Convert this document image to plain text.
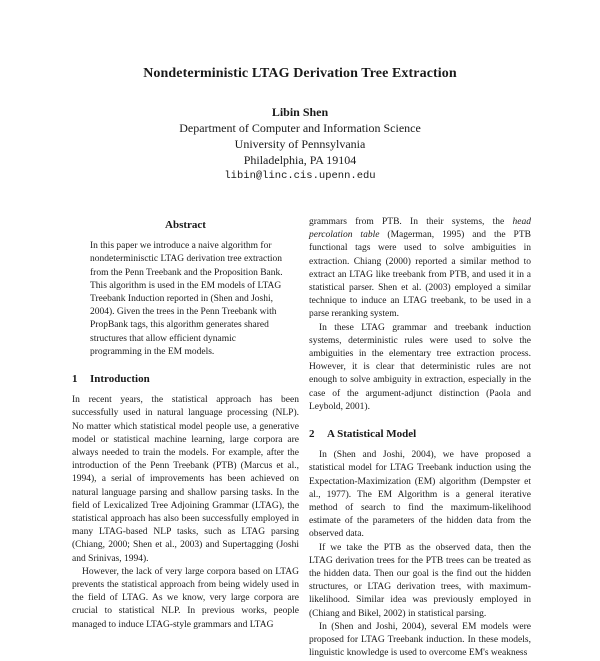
Nondeterministic LTAG Derivation Tree Extraction
Libin Shen
Department of Computer and Information Science
University of Pennsylvania
Philadelphia, PA 19104
libin@linc.cis.upenn.edu
Abstract

In this paper we introduce a naive algorithm for nondeterminisctic LTAG derivation tree extraction from the Penn Treebank and the Proposition Bank. This algorithm is used in the EM models of LTAG Treebank Induction reported in (Shen and Joshi, 2004). Given the trees in the Penn Treebank with PropBank tags, this algorithm generates shared structures that allow efficient dynamic programming in the EM models.

1 Introduction

In recent years, the statistical approach has been successfully used in natural language processing (NLP). No matter which statistical model people use, a generative model or statistical machine learning, large corpora are always needed to train the models. For example, after the introduction of the Penn Treebank (PTB) (Marcus et al., 1994), a serial of improvements has been achieved on natural language parsing and shallow parsing tasks. In the field of Lexicalized Tree Adjoining Grammar (LTAG), the statistical approach has also been successfully employed in many LTAG-based NLP tasks, such as LTAG parsing (Chiang, 2000; Shen et al., 2003) and Supertagging (Joshi and Srinivas, 1994).

However, the lack of very large corpora based on LTAG prevents the statistical approach from being widely used in the field of LTAG. As we know, very large corpora are crucial to statistical NLP. In previous works, people managed to induce LTAG-style grammars and LTAG

grammars from PTB. In their systems, the head percolation table (Magerman, 1995) and the PTB functional tags were used to solve ambiguities in extraction. Chiang (2000) reported a similar method to extract an LTAG like treebank from PTB, and used it in a statistical parser. Shen et al. (2003) employed a similar technique to induce an LTAG treebank, to be used in a parse reranking system.

In these LTAG grammar and treebank induction systems, deterministic rules were used to solve the ambiguities in the elementary tree extraction process. However, it is clear that deterministic rules are not enough to solve ambiguity in extraction, especially in the case of the argument-adjunct distinction (Paola and Leybold, 2001).

2 A Statistical Model

In (Shen and Joshi, 2004), we have proposed a statistical model for LTAG Treebank induction using the Expectation-Maximization (EM) algorithm (Dempster et al., 1977). The EM Algorithm is a general iterative method of search to find the maximum-likelihood estimate of the parameters of the hidden data from the observed data.

If we take the PTB as the observed data, then the LTAG derivation trees for the PTB trees can be treated as the hidden data. Then our goal is the find out the hidden structures, or LTAG derivation trees, with maximum-likelihood. Similar idea was previously employed in (Chiang and Bikel, 2002) in statistical parsing.

In (Shen and Joshi, 2004), several EM models were proposed for LTAG Treebank induction. In these models, linguistic knowledge is used to overcome EM's weakness
